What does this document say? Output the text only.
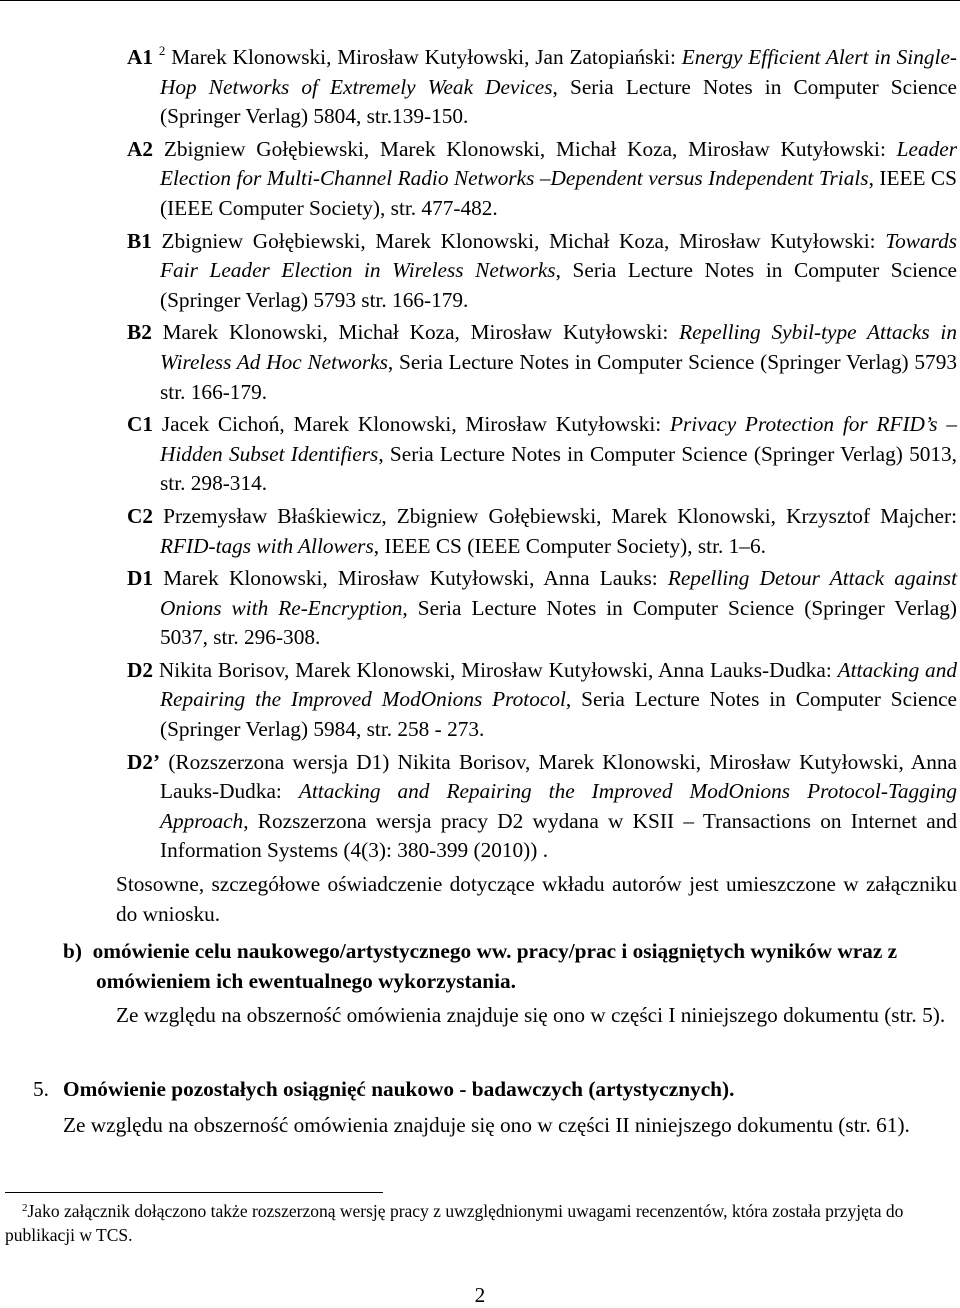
A1 $^2$ Marek Klonowski, Mirosław Kutyłowski, Jan Zatopiański: Energy Efficient Alert in Single-Hop Networks of Extremely Weak Devices, Seria Lecture Notes in Computer Science (Springer Verlag) 5804, str.139-150.

A2 Zbigniew Gołębiewski, Marek Klonowski, Michał Koza, Mirosław Kutyłowski: Leader Election for Multi-Channel Radio Networks –Dependent versus Independent Trials, IEEE CS (IEEE Computer Society), str. 477-482.

B1 Zbigniew Gołębiewski, Marek Klonowski, Michał Koza, Mirosław Kutyłowski: Towards Fair Leader Election in Wireless Networks, Seria Lecture Notes in Computer Science (Springer Verlag) 5793 str. 166-179.

B2 Marek Klonowski, Michał Koza, Mirosław Kutyłowski: Repelling Sybil-type Attacks in Wireless Ad Hoc Networks, Seria Lecture Notes in Computer Science (Springer Verlag) 5793 str. 166-179.

C1 Jacek Cichoń, Marek Klonowski, Mirosław Kutyłowski: Privacy Protection for RFID’s – Hidden Subset Identifiers, Seria Lecture Notes in Computer Science (Springer Verlag) 5013, str. 298-314.

C2 Przemysław Błaśkiewicz, Zbigniew Gołębiewski, Marek Klonowski, Krzysztof Majcher: RFID-tags with Allowers, IEEE CS (IEEE Computer Society), str. 1–6.

D1 Marek Klonowski, Mirosław Kutyłowski, Anna Lauks: Repelling Detour Attack against Onions with Re-Encryption, Seria Lecture Notes in Computer Science (Springer Verlag) 5037, str. 296-308.

D2 Nikita Borisov, Marek Klonowski, Mirosław Kutyłowski, Anna Lauks-Dudka: Attacking and Repairing the Improved ModOnions Protocol, Seria Lecture Notes in Computer Science (Springer Verlag) 5984, str. 258 - 273.

D2’ (Rozszerzona wersja D1) Nikita Borisov, Marek Klonowski, Mirosław Kutyłowski, Anna Lauks-Dudka: Attacking and Repairing the Improved ModOnions Protocol-Tagging Approach, Rozszerzona wersja pracy D2 wydana w KSII – Transactions on Internet and Information Systems (4(3): 380-399 (2010)) .

Stosowne, szczegółowe oświadczenie dotyczące wkładu autorów jest umieszczone w załączniku do wniosku.

b) omówienie celu naukowego/artystycznego ww. pracy/prac i osiągniętych wyników wraz z omówieniem ich ewentualnego wykorzystania.

Ze względu na obszerność omówienia znajduje się ono w części I niniejszego dokumentu (str. 5).

5. Omówienie pozostałych osiągnięć naukowo - badawczych (artystycznych).

Ze względu na obszerność omówienia znajduje się ono w części II niniejszego dokumentu (str. 61).

$^2$Jako załącznik dołączono także rozszerzoną wersję pracy z uwzględnionymi uwagami recenzentów, która została przyjęta do publikacji w TCS.

2
